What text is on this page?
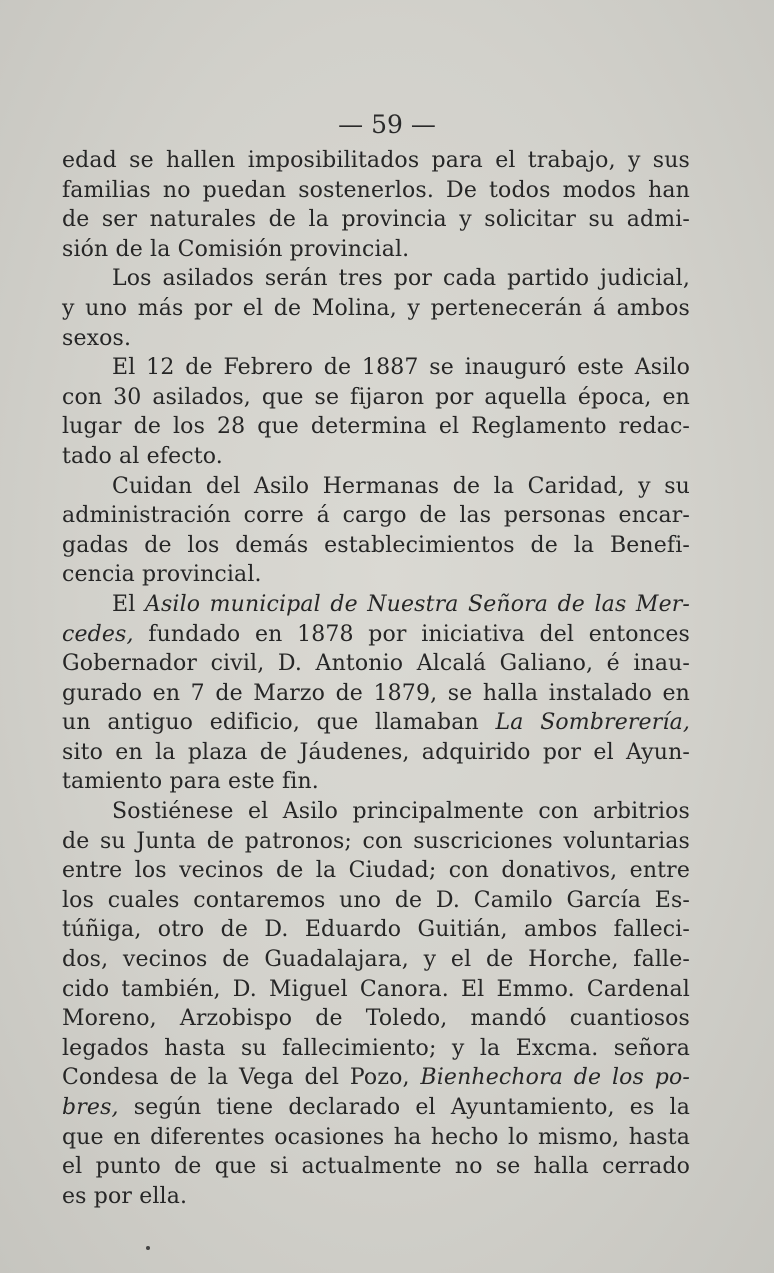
— 59 —
edad se hallen imposibilitados para el trabajo, y sus
familias no puedan sostenerlos. De todos modos han
de ser naturales de la provincia y solicitar su admi-
sión de la Comisión provincial.
Los asilados serán tres por cada partido judicial,
y uno más por el de Molina, y pertenecerán á ambos
sexos.
El 12 de Febrero de 1887 se inauguró este Asilo
con 30 asilados, que se fijaron por aquella época, en
lugar de los 28 que determina el Reglamento redac-
tado al efecto.
Cuidan del Asilo Hermanas de la Caridad, y su
administración corre á cargo de las personas encar-
gadas de los demás establecimientos de la Benefi-
cencia provincial.
El Asilo municipal de Nuestra Señora de las Mer-
cedes, fundado en 1878 por iniciativa del entonces
Gobernador civil, D. Antonio Alcalá Galiano, é inau-
gurado en 7 de Marzo de 1879, se halla instalado en
un antiguo edificio, que llamaban La Sombrerería,
sito en la plaza de Jáudenes, adquirido por el Ayun-
tamiento para este fin.
Sostiénese el Asilo principalmente con arbitrios
de su Junta de patronos; con suscriciones voluntarias
entre los vecinos de la Ciudad; con donativos, entre
los cuales contaremos uno de D. Camilo García Es-
túñiga, otro de D. Eduardo Guitián, ambos falleci-
dos, vecinos de Guadalajara, y el de Horche, falle-
cido también, D. Miguel Canora. El Emmo. Cardenal
Moreno, Arzobispo de Toledo, mandó cuantiosos
legados hasta su fallecimiento; y la Excma. señora
Condesa de la Vega del Pozo, Bienhechora de los po-
bres, según tiene declarado el Ayuntamiento, es la
que en diferentes ocasiones ha hecho lo mismo, hasta
el punto de que si actualmente no se halla cerrado
es por ella.
